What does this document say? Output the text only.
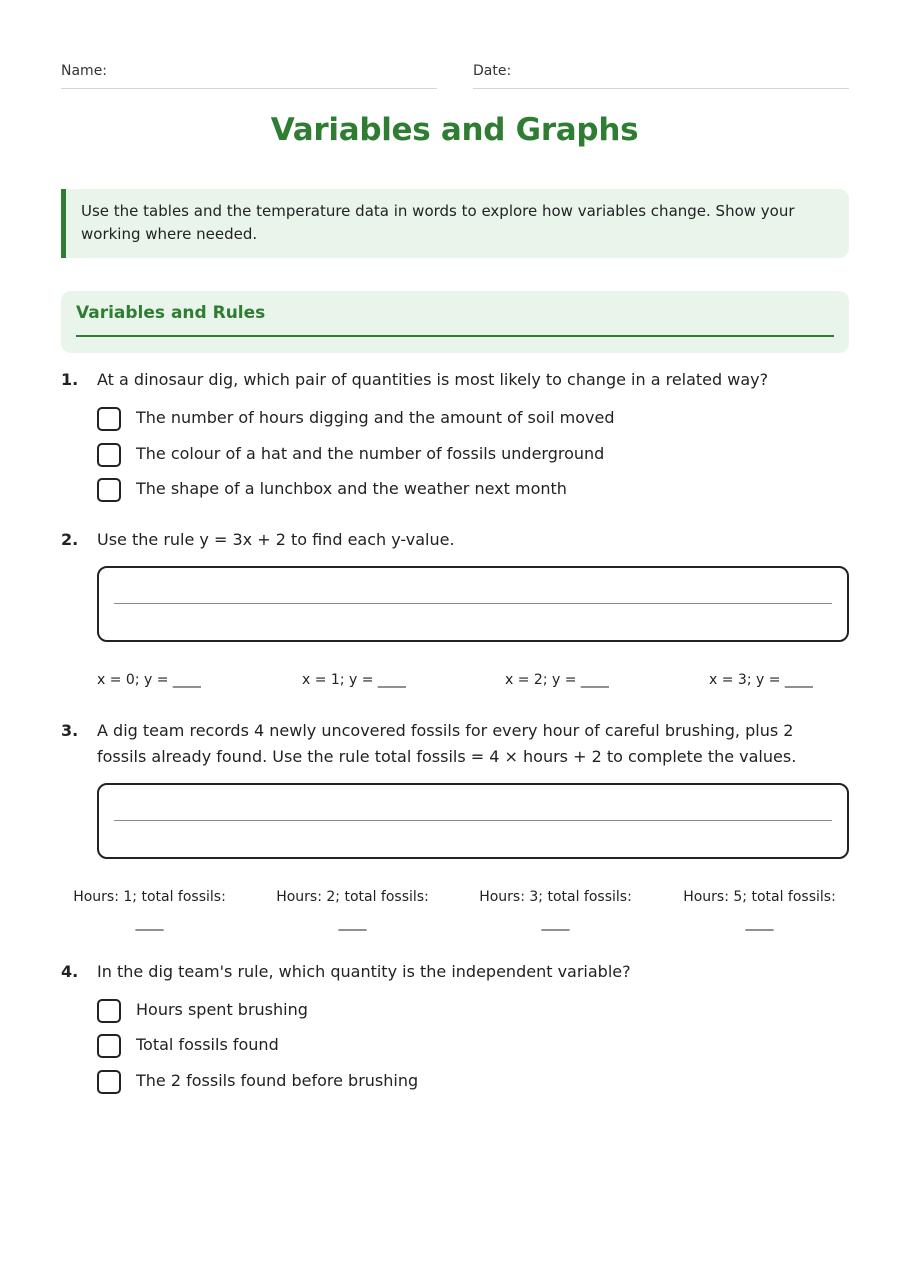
Name:	Date:
Variables and Graphs
Use the tables and the temperature data in words to explore how variables change. Show your working where needed.
Variables and Rules
1. At a dinosaur dig, which pair of quantities is most likely to change in a related way?
The number of hours digging and the amount of soil moved
The colour of a hat and the number of fossils underground
The shape of a lunchbox and the weather next month
2. Use the rule y = 3x + 2 to find each y-value.
x = 0; y = ____	x = 1; y = ____	x = 2; y = ____	x = 3; y = ____
3. A dig team records 4 newly uncovered fossils for every hour of careful brushing, plus 2 fossils already found. Use the rule total fossils = 4 × hours + 2 to complete the values.
Hours: 1; total fossils:
____
Hours: 2; total fossils:
____
Hours: 3; total fossils:
____
Hours: 5; total fossils:
____
4. In the dig team's rule, which quantity is the independent variable?
Hours spent brushing
Total fossils found
The 2 fossils found before brushing
